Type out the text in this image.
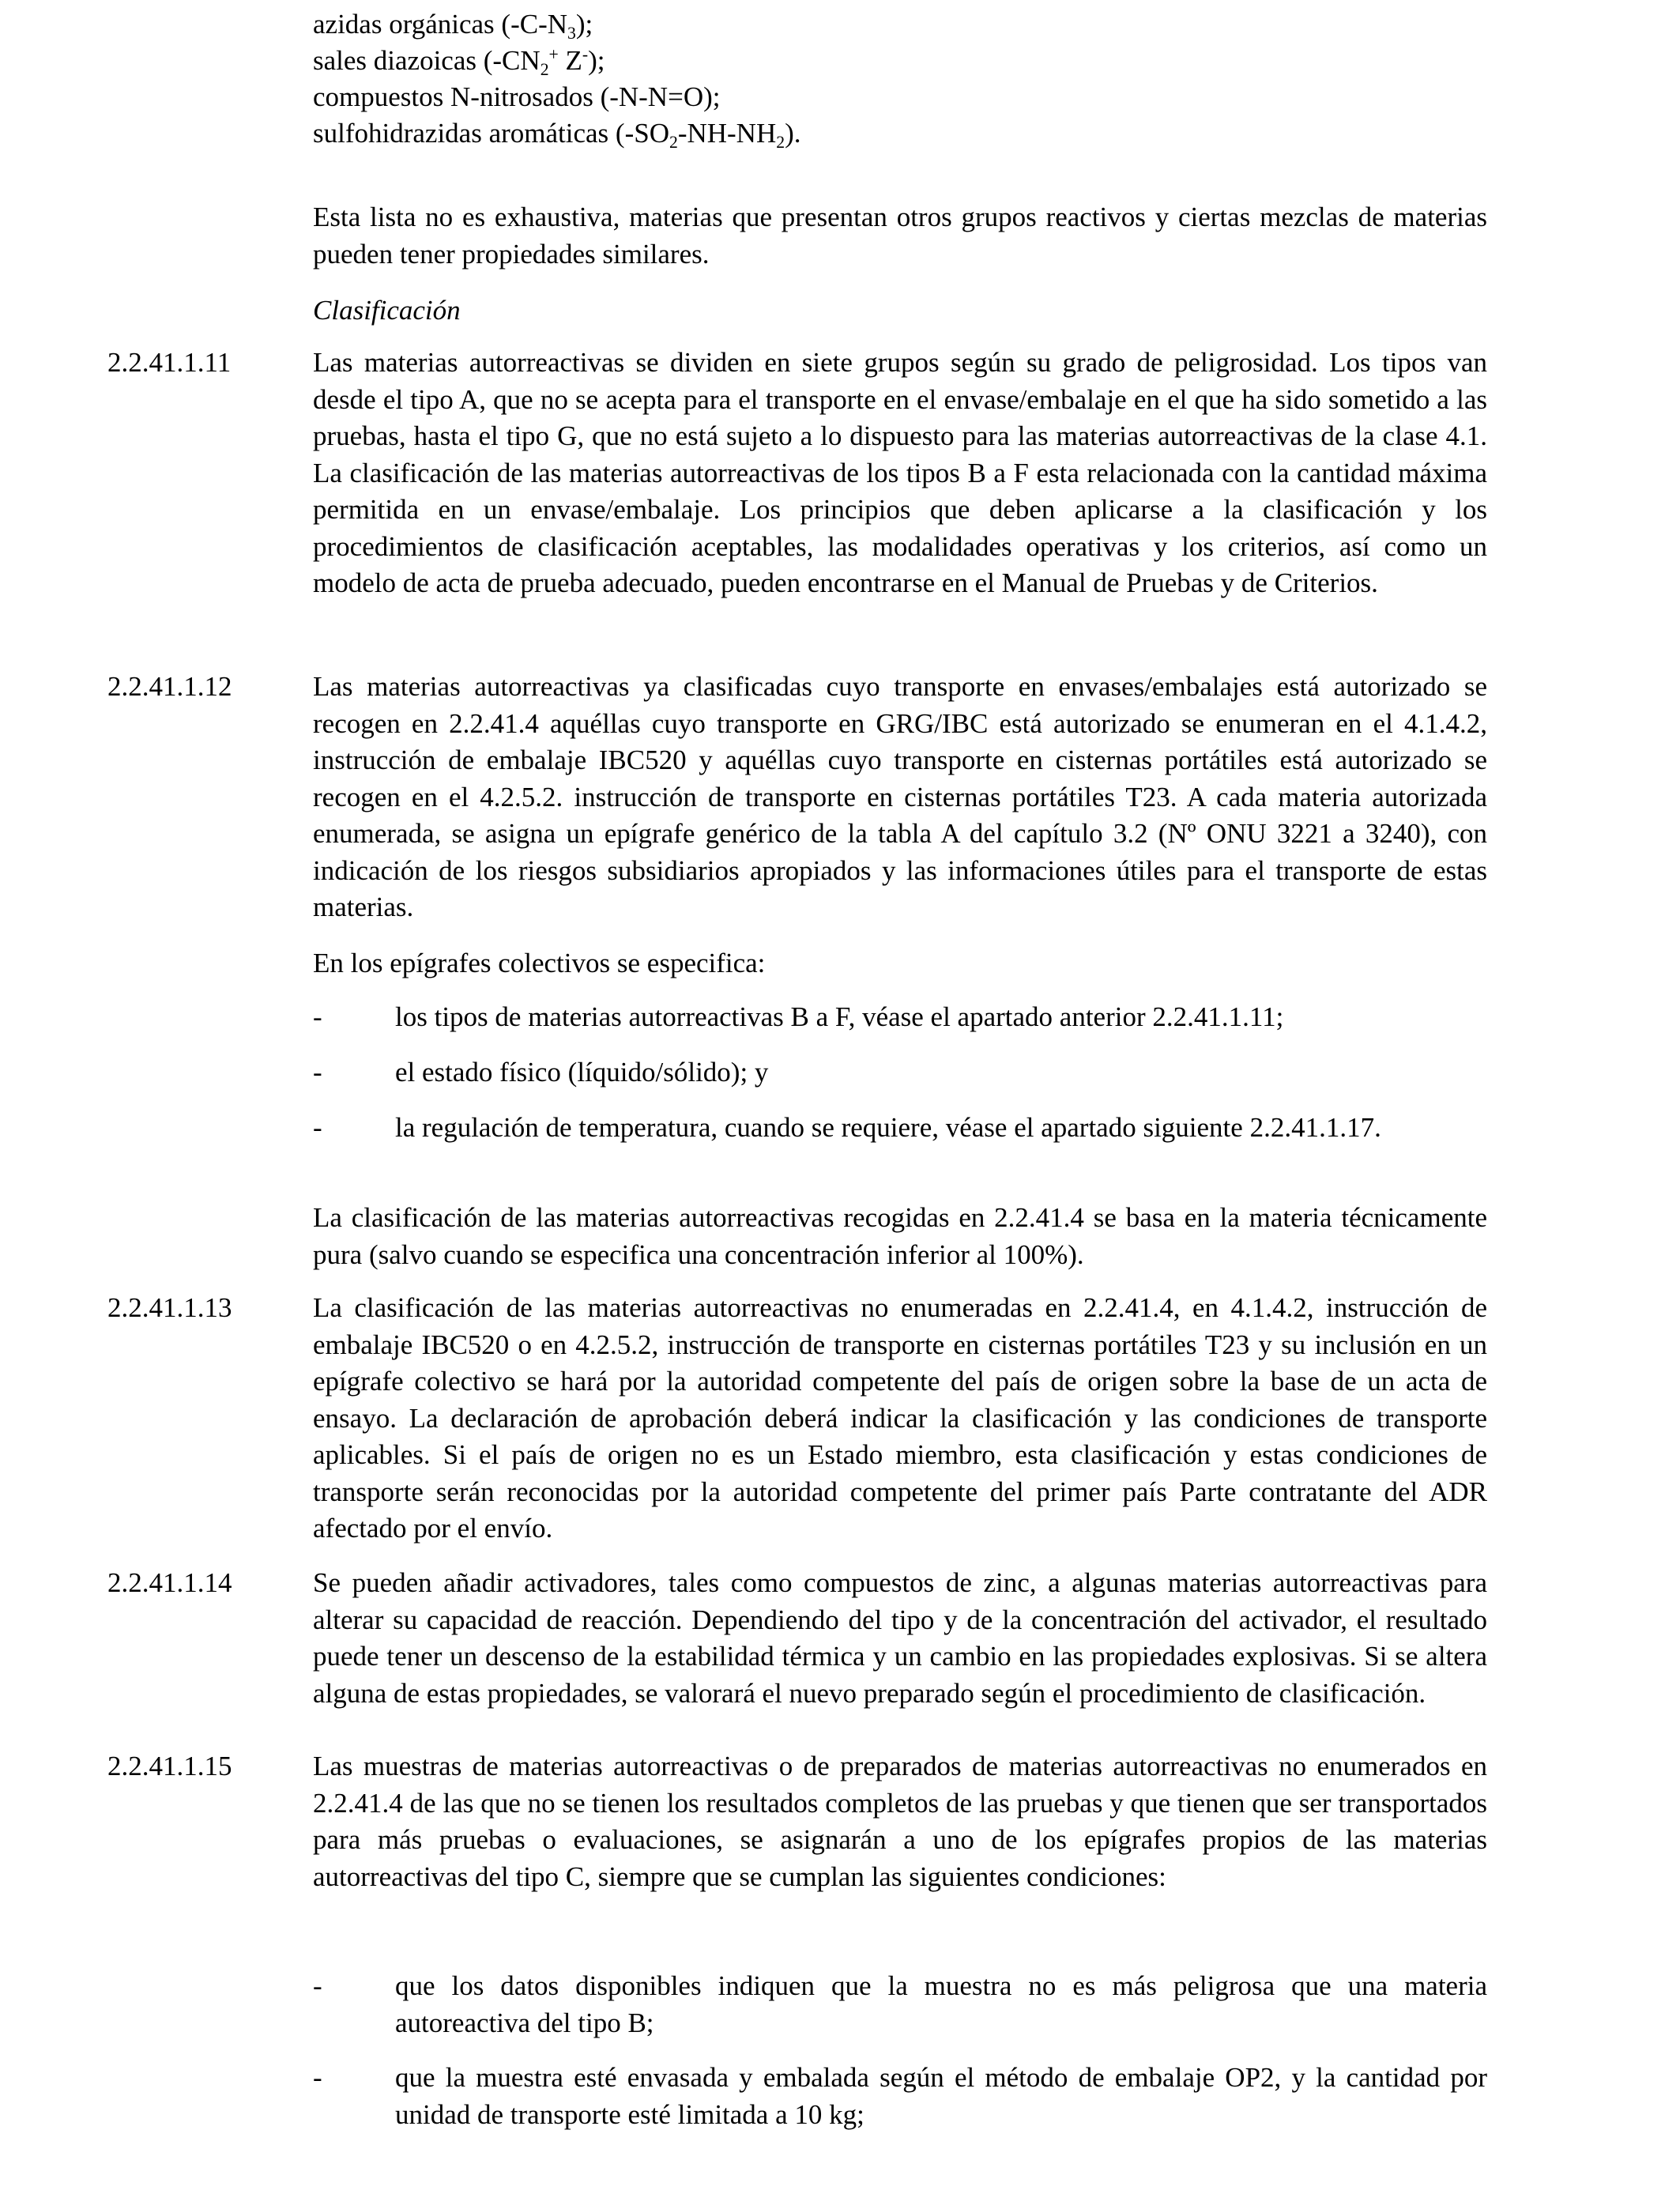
azidas orgánicas $(-C-N_3)$;
sales diazoicas ($-CN_2^+$ Z-);
compuestos N-nitrosados (-N-N=O);
sulfohidrazidas aromáticas $(-SO_2-NH-NH_2)$.
Esta lista no es exhaustiva, materias que presentan otros grupos reactivos y ciertas mezclas de materias pueden tener propiedades similares.
Clasificación
2.2.41.1.11	Las materias autorreactivas se dividen en siete grupos según su grado de peligrosidad. Los tipos van desde el tipo A, que no se acepta para el transporte en el envase/embalaje en el que ha sido sometido a las pruebas, hasta el tipo G, que no está sujeto a lo dispuesto para las materias autorreactivas de la clase 4.1. La clasificación de las materias autorreactivas de los tipos B a F esta relacionada con la cantidad máxima permitida en un envase/embalaje. Los principios que deben aplicarse a la clasificación y los procedimientos de clasificación aceptables, las modalidades operativas y los criterios, así como un modelo de acta de prueba adecuado, pueden encontrarse en el Manual de Pruebas y de Criterios.
2.2.41.1.12	Las materias autorreactivas ya clasificadas cuyo transporte en envases/embalajes está autorizado se recogen en 2.2.41.4 aquéllas cuyo transporte en GRG/IBC está autorizado se enumeran en el 4.1.4.2, instrucción de embalaje IBC520 y aquéllas cuyo transporte en cisternas portátiles está autorizado se recogen en el 4.2.5.2. instrucción de transporte en cisternas portátiles T23. A cada materia autorizada enumerada, se asigna un epígrafe genérico de la tabla A del capítulo 3.2 (Nº ONU 3221 a 3240), con indicación de los riesgos subsidiarios apropiados y las informaciones útiles para el transporte de estas materias.
En los epígrafes colectivos se especifica:
-	los tipos de materias autorreactivas B a F, véase el apartado anterior 2.2.41.1.11;
-	el estado físico (líquido/sólido); y
-	la regulación de temperatura, cuando se requiere, véase el apartado siguiente 2.2.41.1.17.
La clasificación de las materias autorreactivas recogidas en 2.2.41.4 se basa en la materia técnicamente pura (salvo cuando se especifica una concentración inferior al 100%).
2.2.41.1.13	La clasificación de las materias autorreactivas no enumeradas en 2.2.41.4, en 4.1.4.2, instrucción de embalaje IBC520 o en 4.2.5.2, instrucción de transporte en cisternas portátiles T23 y su inclusión en un epígrafe colectivo se hará por la autoridad competente del país de origen sobre la base de un acta de ensayo. La declaración de aprobación deberá indicar la clasificación y las condiciones de transporte aplicables. Si el país de origen no es un Estado miembro, esta clasificación y estas condiciones de transporte serán reconocidas por la autoridad competente del primer país Parte contratante del ADR afectado por el envío.
2.2.41.1.14	Se pueden añadir activadores, tales como compuestos de zinc, a algunas materias autorreactivas para alterar su capacidad de reacción. Dependiendo del tipo y de la concentración del activador, el resultado puede tener un descenso de la estabilidad térmica y un cambio en las propiedades explosivas. Si se altera alguna de estas propiedades, se valorará el nuevo preparado según el procedimiento de clasificación.
2.2.41.1.15	Las muestras de materias autorreactivas o de preparados de materias autorreactivas no enumerados en 2.2.41.4 de las que no se tienen los resultados completos de las pruebas y que tienen que ser transportados para más pruebas o evaluaciones, se asignarán a uno de los epígrafes propios de las materias autorreactivas del tipo C, siempre que se cumplan las siguientes condiciones:
-	que los datos disponibles indiquen que la muestra no es más peligrosa que una materia autoreactiva del tipo B;
-	que la muestra esté envasada y embalada según el método de embalaje OP2, y la cantidad por unidad de transporte esté limitada a 10 kg;
